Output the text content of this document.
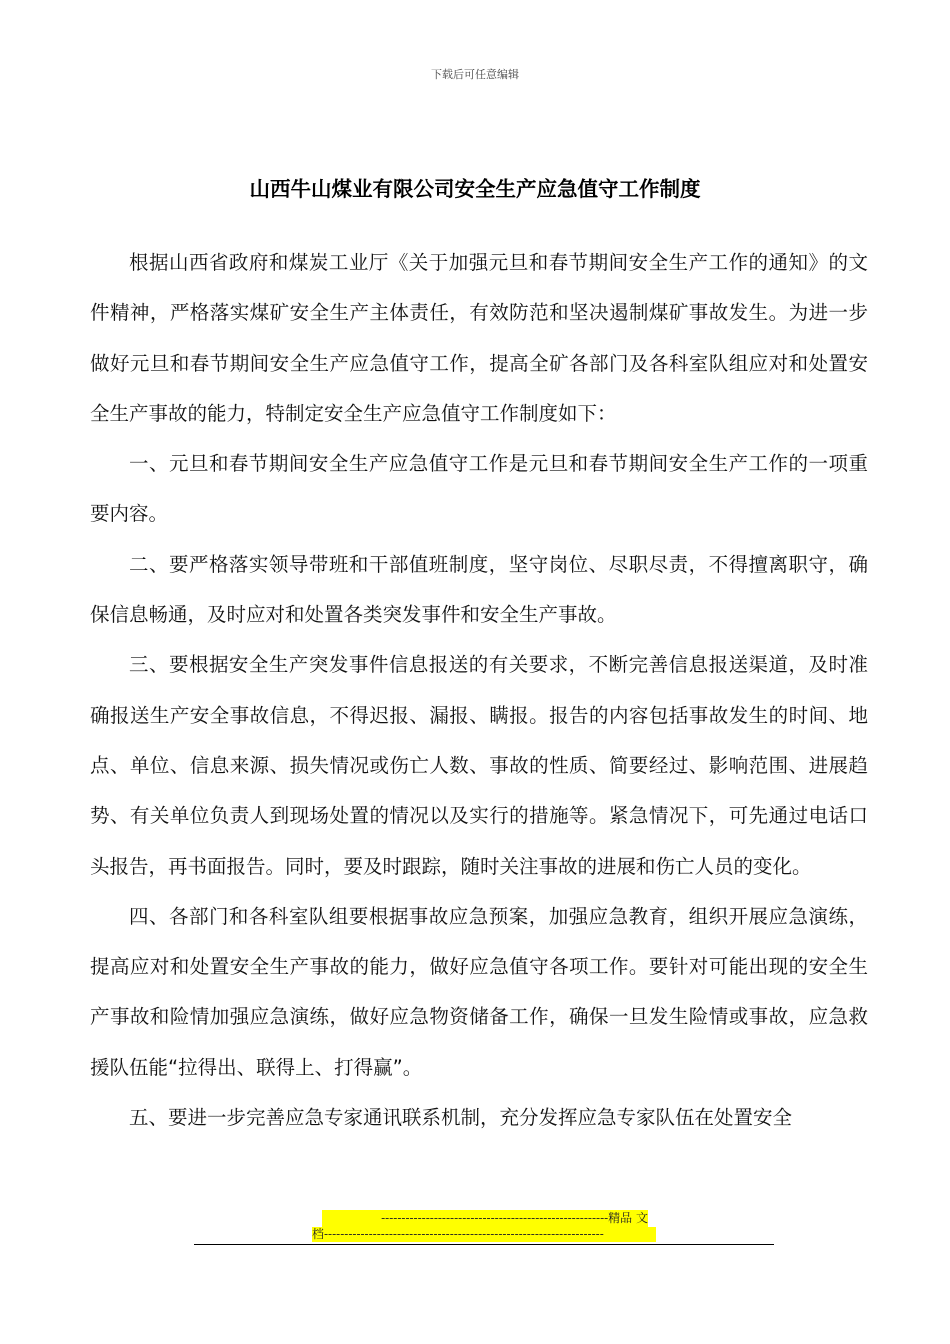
下载后可任意编辑
山西牛山煤业有限公司安全生产应急值守工作制度

根据山西省政府和煤炭工业厅《关于加强元旦和春节期间安全生产工作的通知》的文件精神，严格落实煤矿安全生产主体责任，有效防范和坚决遏制煤矿事故发生。为进一步做好元旦和春节期间安全生产应急值守工作，提高全矿各部门及各科室队组应对和处置安全生产事故的能力，特制定安全生产应急值守工作制度如下：

一、元旦和春节期间安全生产应急值守工作是元旦和春节期间安全生产工作的一项重要内容。

二、要严格落实领导带班和干部值班制度，坚守岗位、尽职尽责，不得擅离职守，确保信息畅通，及时应对和处置各类突发事件和安全生产事故。

三、要根据安全生产突发事件信息报送的有关要求，不断完善信息报送渠道，及时准确报送生产安全事故信息，不得迟报、漏报、瞒报。报告的内容包括事故发生的时间、地点、单位、信息来源、损失情况或伤亡人数、事故的性质、简要经过、影响范围、进展趋势、有关单位负责人到现场处置的情况以及实行的措施等。紧急情况下，可先通过电话口头报告，再书面报告。同时，要及时跟踪，随时关注事故的进展和伤亡人员的变化。

四、各部门和各科室队组要根据事故应急预案，加强应急教育，组织开展应急演练，提高应对和处置安全生产事故的能力，做好应急值守各项工作。要针对可能出现的安全生产事故和险情加强应急演练，做好应急物资储备工作，确保一旦发生险情或事故，应急救援队伍能“拉得出、联得上、打得赢”。

五、要进一步完善应急专家通讯联系机制，充分发挥应急专家队伍在处置安全

--------------------------------------------------------精品 文
档---------------------------------------------------------------------
